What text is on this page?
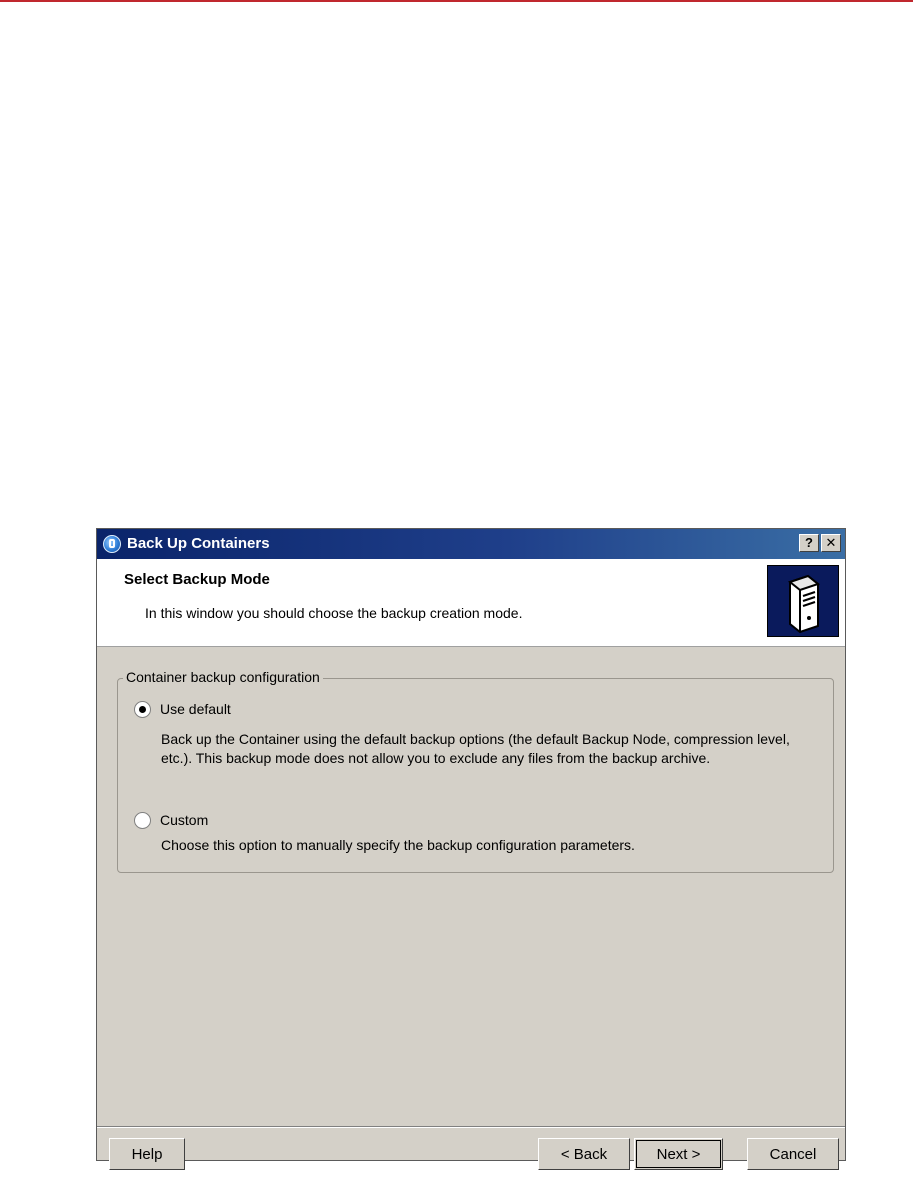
Back Up Containers	? ✕
Select Backup Mode
In this window you should choose the backup creation mode.
Container backup configuration
Use default
Back up the Container using the default backup options (the default Backup Node, compression level, etc.). This backup mode does not allow you to exclude any files from the backup archive.
Custom
Choose this option to manually specify the backup configuration parameters.
Help	< Back	Next >	Cancel
